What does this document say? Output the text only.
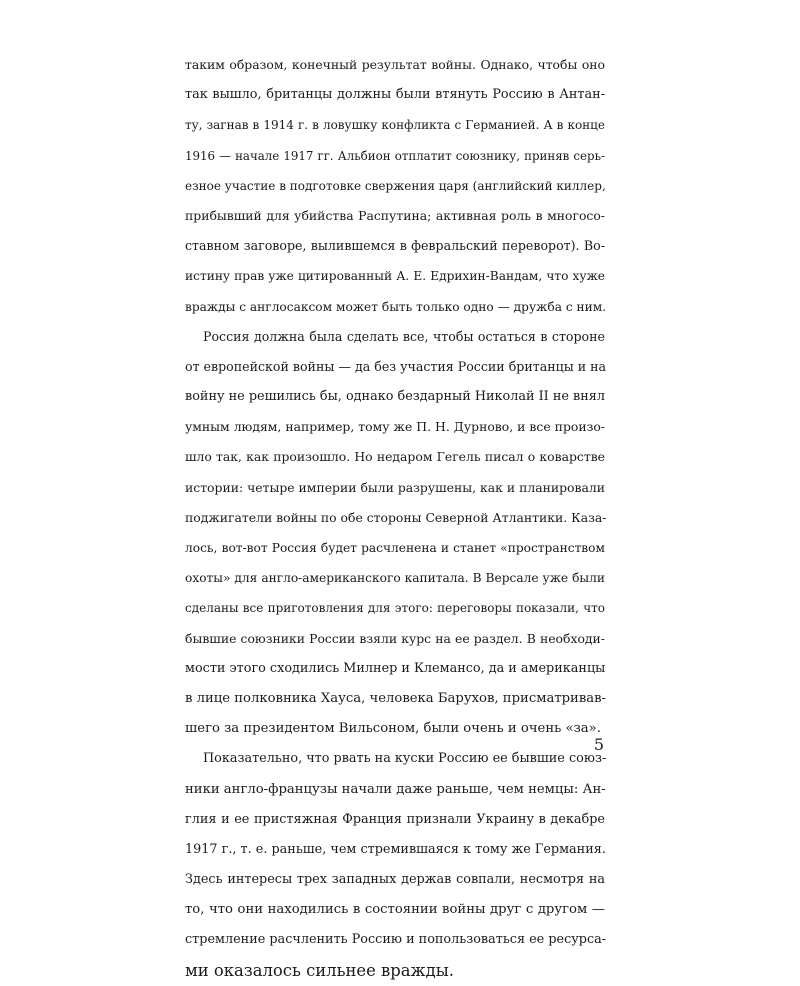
таким образом, конечный результат войны. Однако, чтобы оно
так вышло, британцы должны были втянуть Россию в Антан-
ту, загнав в 1914 г. в ловушку конфликта с Германией. А в конце
1916 — начале 1917 гг. Альбион отплатит союзнику, приняв серь-
езное участие в подготовке свержения царя (английский киллер,
прибывший для убийства Распутина; активная роль в многосо-
ставном заговоре, вылившемся в февральский переворот). Во-
истину прав уже цитированный А. Е. Едрихин-Вандам, что хуже
вражды с англосаксом может быть только одно — дружба с ним.
Россия должна была сделать все, чтобы остаться в стороне
от европейской войны — да без участия России британцы и на
войну не решились бы, однако бездарный Николай II не внял
умным людям, например, тому же П. Н. Дурново, и все произо-
шло так, как произошло. Но недаром Гегель писал о коварстве
истории: четыре империи были разрушены, как и планировали
поджигатели войны по обе стороны Северной Атлантики. Каза-
лось, вот-вот Россия будет расчленена и станет «пространством
охоты» для англо-американского капитала. В Версале уже были
сделаны все приготовления для этого: переговоры показали, что
бывшие союзники России взяли курс на ее раздел. В необходи-
мости этого сходились Милнер и Клемансо, да и американцы
в лице полковника Хауса, человека Барухов, присматривав-
шего за президентом Вильсоном, были очень и очень «за».
Показательно, что рвать на куски Россию ее бывшие союз-
ники англо-французы начали даже раньше, чем немцы: Ан-
глия и ее пристяжная Франция признали Украину в декабре
1917 г., т. е. раньше, чем стремившаяся к тому же Германия.
Здесь интересы трех западных держав совпали, несмотря на
то, что они находились в состоянии войны друг с другом —
стремление расчленить Россию и попользоваться ее ресурса-
ми оказалось сильнее вражды.
5
